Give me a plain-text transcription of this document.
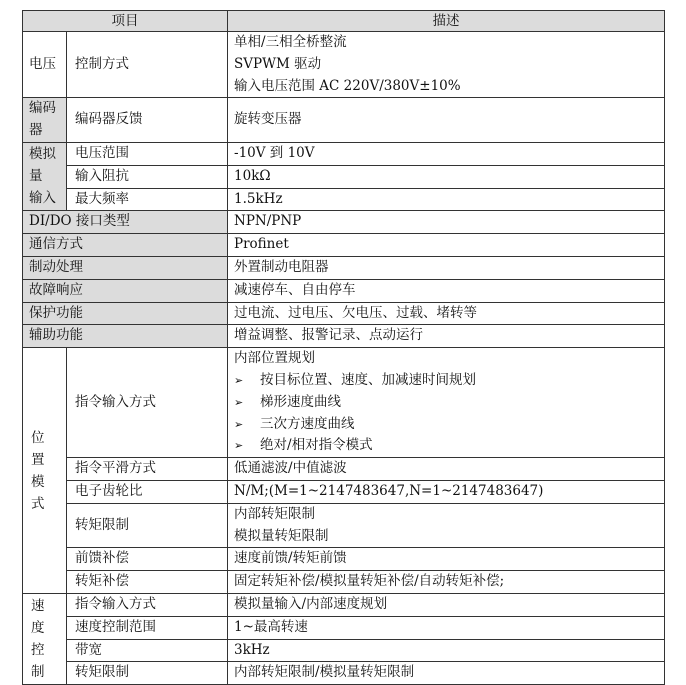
项目		描述
电压	控制方式	单相/三相全桥整流
SVPWM 驱动
输入电压范围 AC 220V/380V±10%

编码器	编码器反馈	旋转变压器

模拟量
输入	电压范围	-10V 到 10V
	输入阻抗	10kΩ
	最大频率	1.5kHz
DI/DO 接口类型		NPN/PNP
通信方式		Profinet
制动处理		外置制动电阻器
故障响应		减速停车、自由停车
保护功能		过电流、过电压、欠电压、过载、堵转等
辅助功能		增益调整、报警记录、点动运行

位
置
模
式	指令输入方式	内部位置规划
➢ 按目标位置、速度、加减速时间规划
➢ 梯形速度曲线
➢ 三次方速度曲线
➢ 绝对/相对指令模式

	指令平滑方式	低通滤波/中值滤波
	电子齿轮比	N/M;(M=1~2147483647,N=1~2147483647)
	转矩限制	内部转矩限制
模拟量转矩限制

	前馈补偿	速度前馈/转矩前馈
	转矩补偿	固定转矩补偿/模拟量转矩补偿/自动转矩补偿;

速
度
控
制	指令输入方式	模拟量输入/内部速度规划
	速度控制范围	1~最高转速
	带宽	3kHz
	转矩限制	内部转矩限制/模拟量转矩限制
